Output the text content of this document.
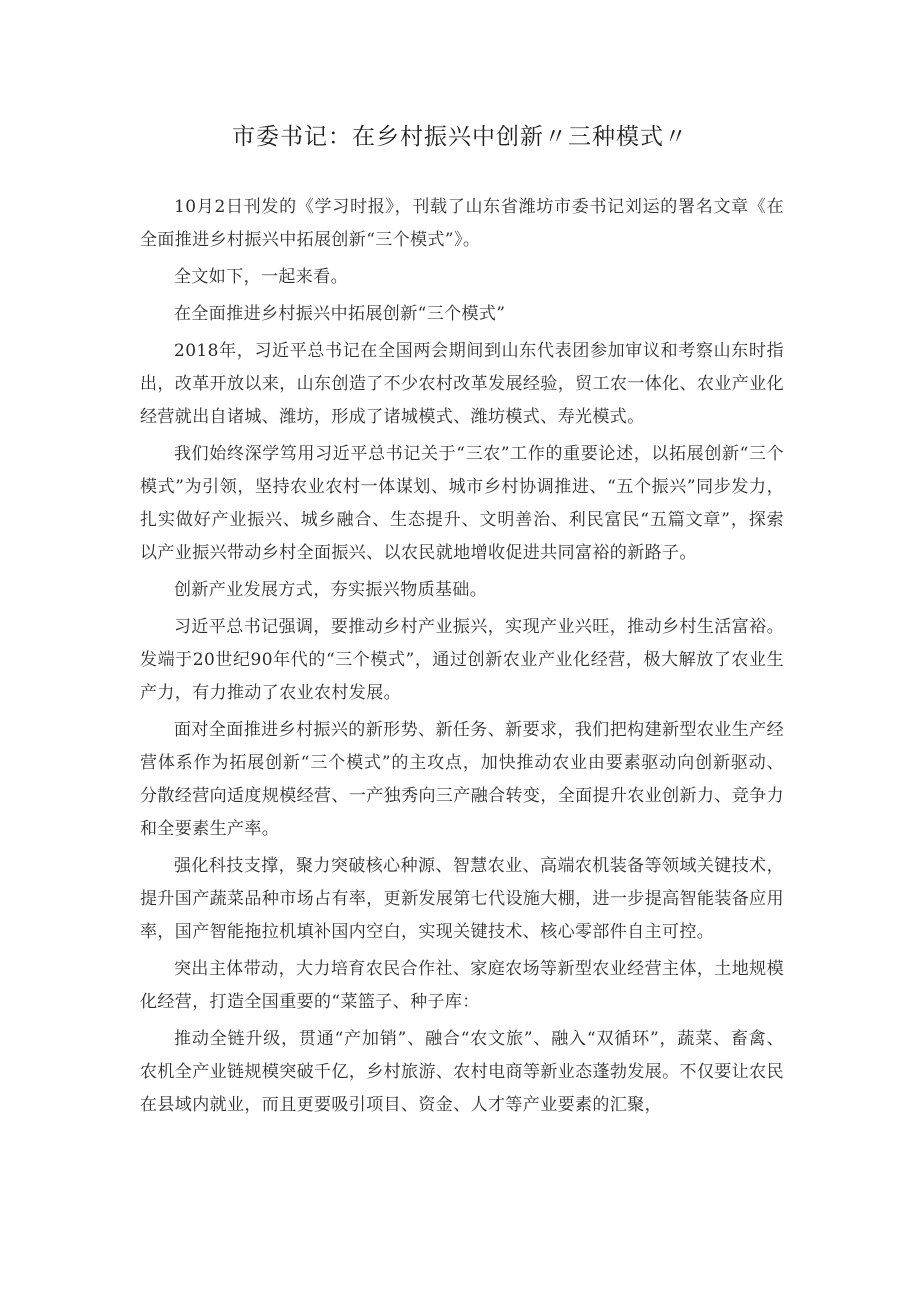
市委书记：在乡村振兴中创新〃三种模式〃

10月2日刊发的《学习时报》，刊载了山东省潍坊市委书记刘运的署名文章《在全面推进乡村振兴中拓展创新“三个模式”》。

全文如下，一起来看。

在全面推进乡村振兴中拓展创新“三个模式”

2018年，习近平总书记在全国两会期间到山东代表团参加审议和考察山东时指出，改革开放以来，山东创造了不少农村改革发展经验，贸工农一体化、农业产业化经营就出自诸城、潍坊，形成了诸城模式、潍坊模式、寿光模式。

我们始终深学笃用习近平总书记关于“三农”工作的重要论述，以拓展创新“三个模式”为引领，坚持农业农村一体谋划、城市乡村协调推进、“五个振兴”同步发力，扎实做好产业振兴、城乡融合、生态提升、文明善治、利民富民“五篇文章”，探索以产业振兴带动乡村全面振兴、以农民就地增收促进共同富裕的新路子。

创新产业发展方式，夯实振兴物质基础。

习近平总书记强调，要推动乡村产业振兴，实现产业兴旺，推动乡村生活富裕。发端于20世纪90年代的“三个模式”，通过创新农业产业化经营，极大解放了农业生产力，有力推动了农业农村发展。

面对全面推进乡村振兴的新形势、新任务、新要求，我们把构建新型农业生产经营体系作为拓展创新“三个模式”的主攻点，加快推动农业由要素驱动向创新驱动、分散经营向适度规模经营、一产独秀向三产融合转变，全面提升农业创新力、竞争力和全要素生产率。

强化科技支撑，聚力突破核心种源、智慧农业、高端农机装备等领域关键技术，提升国产蔬菜品种市场占有率，更新发展第七代设施大棚，进一步提高智能装备应用率，国产智能拖拉机填补国内空白，实现关键技术、核心零部件自主可控。

突出主体带动，大力培育农民合作社、家庭农场等新型农业经营主体，土地规模化经营，打造全国重要的“菜篮子、种子库：

推动全链升级，贯通“产加销”、融合“农文旅”、融入“双循环”，蔬菜、畜禽、农机全产业链规模突破千亿，乡村旅游、农村电商等新业态蓬勃发展。不仅要让农民在县域内就业，而且更要吸引项目、资金、人才等产业要素的汇聚，
